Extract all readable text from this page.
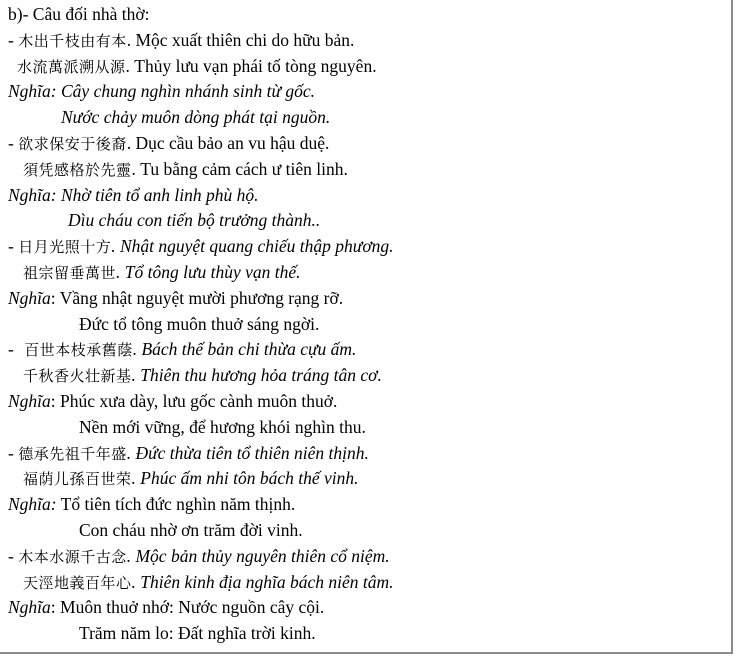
b)- Câu đối nhà thờ:
- 木出千枝由有本. Mộc xuất thiên chi do hữu bản.
水流萬派溯从源. Thủy lưu vạn phái tố tòng nguyên.
Nghĩa: Cây chung nghìn nhánh sinh từ gốc.
Nước chảy muôn dòng phát tại nguồn.
- 欲求保安于後裔. Dục cầu bảo an vu hậu duệ.
須凭感格於先靈. Tu bằng cảm cách ư tiên linh.
Nghĩa: Nhờ tiên tổ anh linh phù hộ.
Dìu cháu con tiến bộ trưởng thành..
- 日月光照十方. Nhật nguyệt quang chiếu thập phương.
祖宗留垂萬世. Tổ tông lưu thùy vạn thế.
Nghĩa: Vầng nhật nguyệt mười phương rạng rỡ.
Đức tổ tông muôn thuở sáng ngời.
- 百世本枝承舊蔭. Bách thế bản chi thừa cựu ấm.
千秋香火壮新基. Thiên thu hương hỏa tráng tân cơ.
Nghĩa: Phúc xưa dày, lưu gốc cành muôn thuở.
Nền mới vững, để hương khói nghìn thu.
- 德承先祖千年盛. Đức thừa tiên tổ thiên niên thịnh.
福荫儿孫百世荣. Phúc ấm nhi tôn bách thế vinh.
Nghĩa: Tổ tiên tích đức nghìn năm thịnh.
Con cháu nhờ ơn trăm đời vinh.
- 木本水源千古念. Mộc bản thủy nguyên thiên cổ niệm.
天涇地義百年心. Thiên kinh địa nghĩa bách niên tâm.
Nghĩa: Muôn thuở nhớ: Nước nguồn cây cội.
Trăm năm lo: Đất nghĩa trời kinh.
